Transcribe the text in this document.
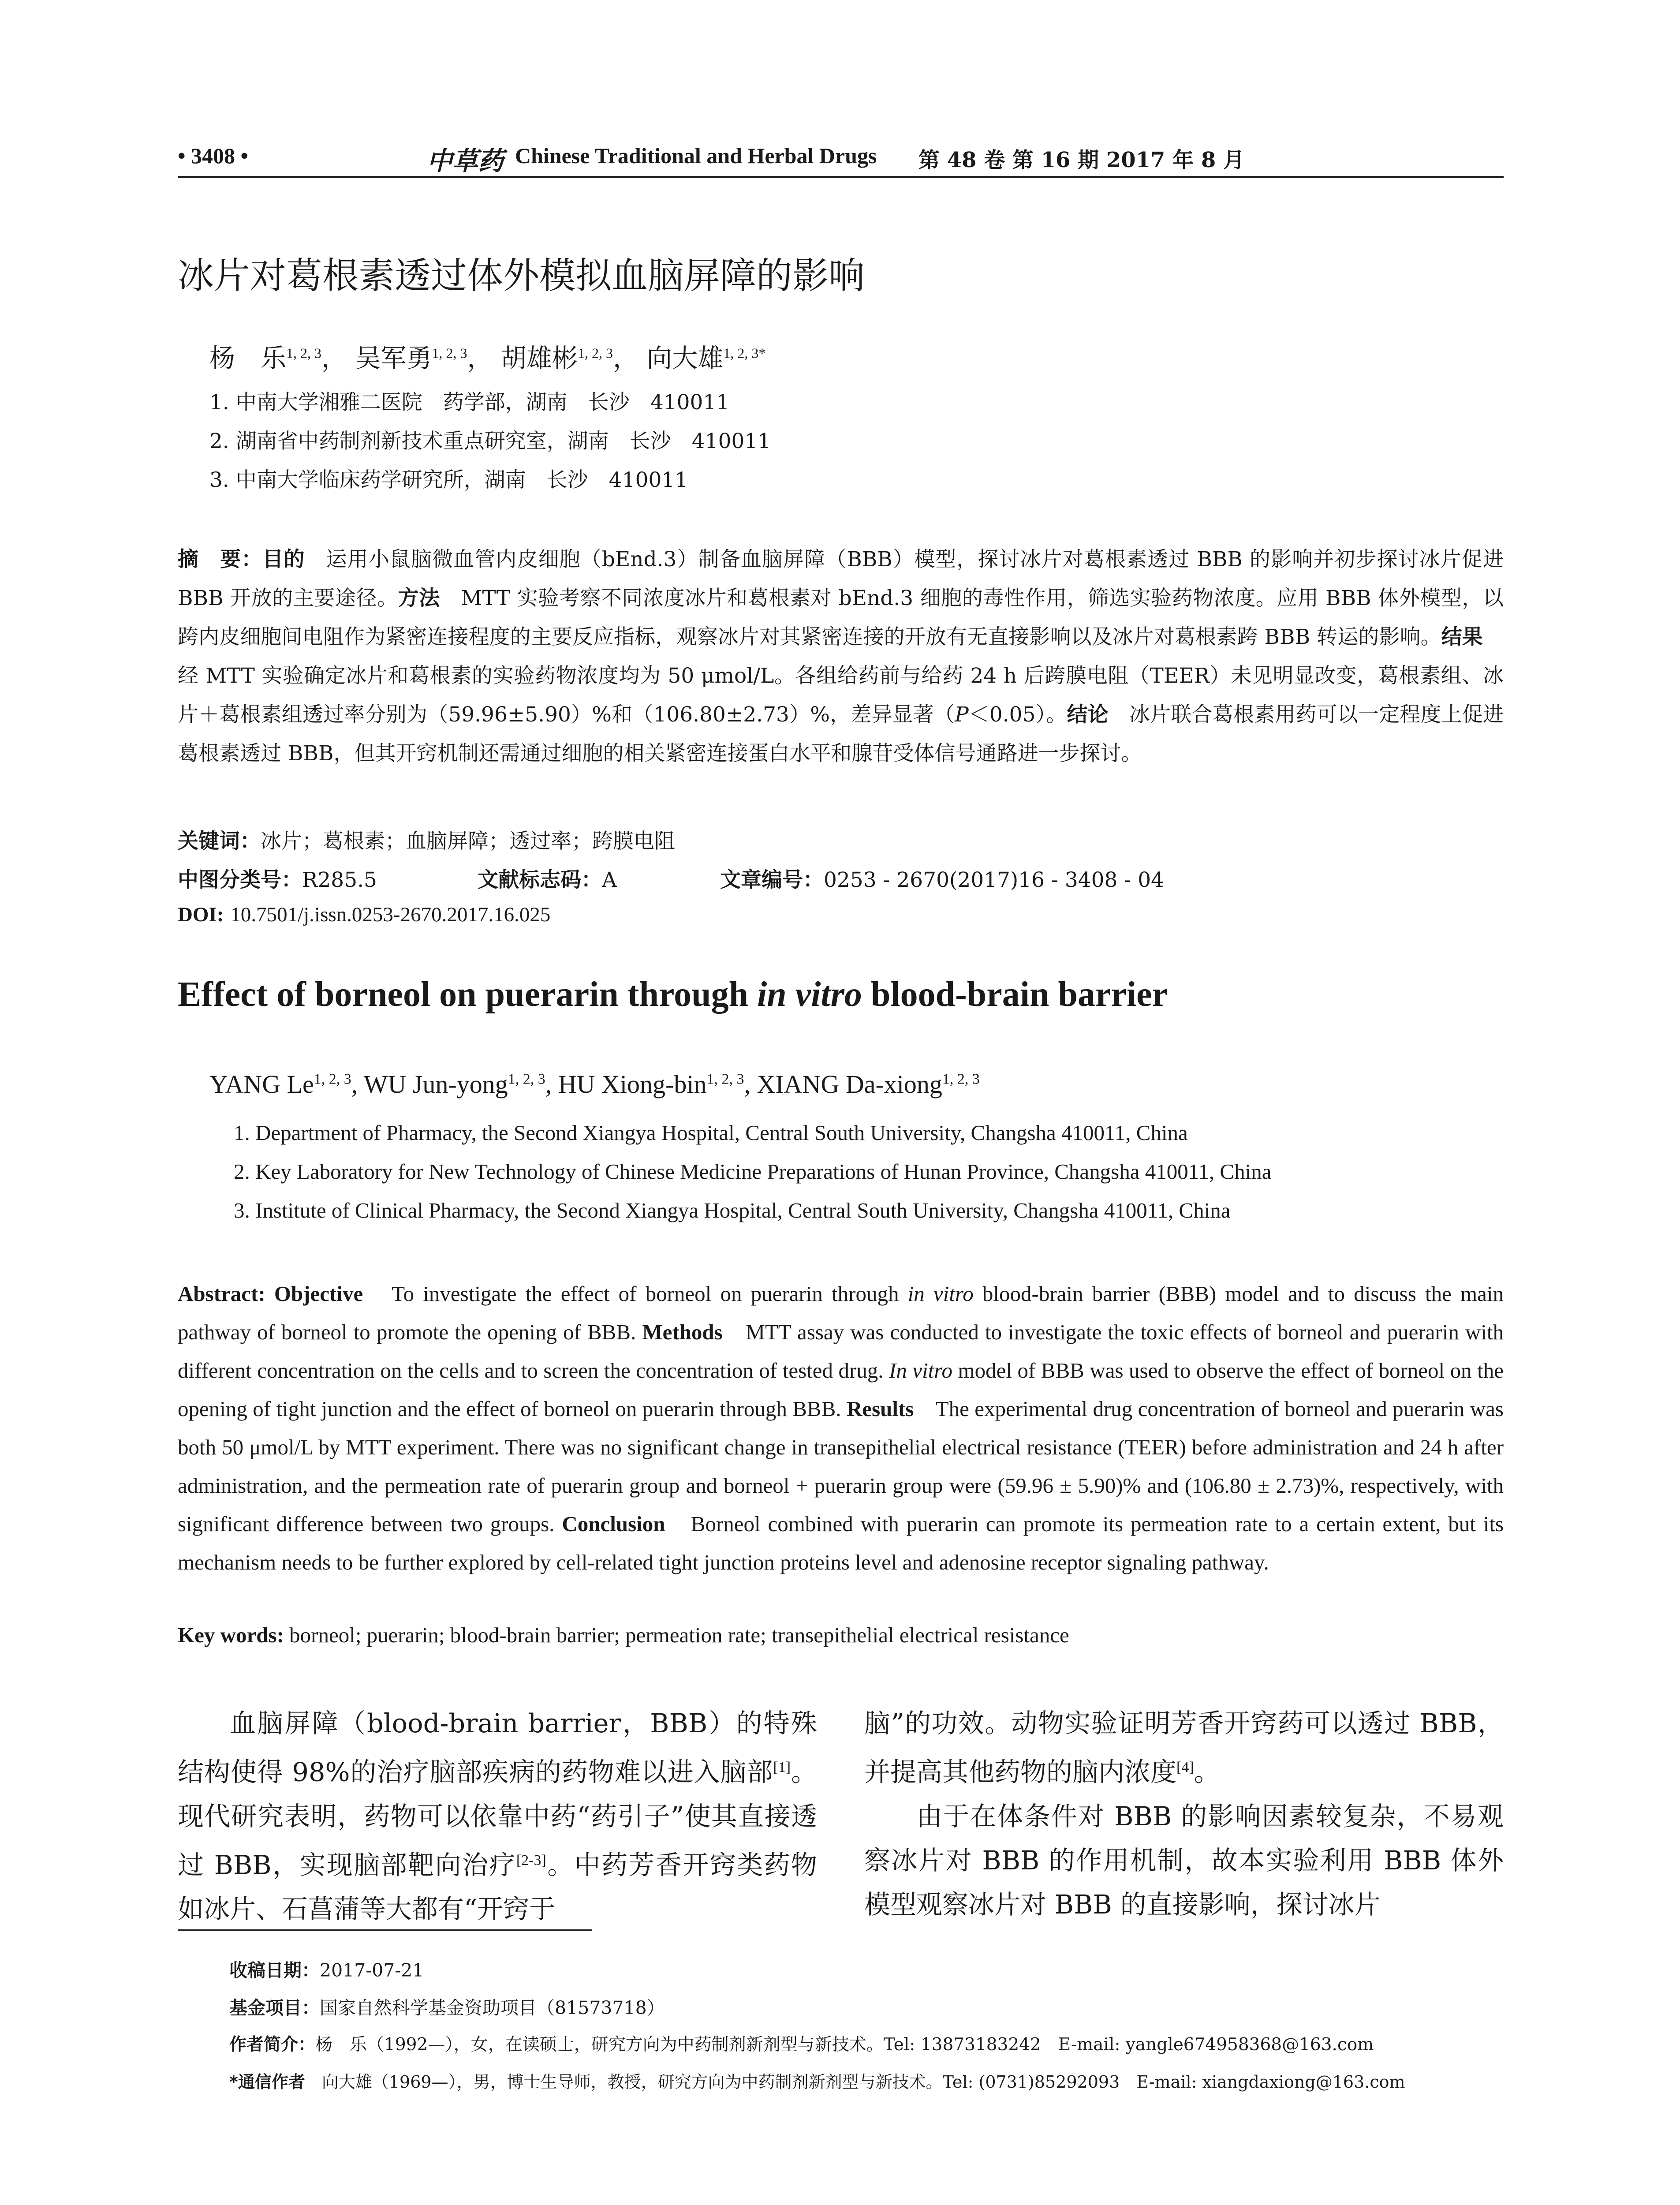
• 3408 •	中草药 Chinese Traditional and Herbal Drugs 第 48 卷 第 16 期 2017 年 8 月
冰片对葛根素透过体外模拟血脑屏障的影响
杨　乐$^{1, 2, 3}$， 吴军勇$^{1, 2, 3}$， 胡雄彬$^{1, 2, 3}$， 向大雄$^{1, 2, 3*}$
1. 中南大学湘雅二医院　药学部，湖南　长沙　410011
2. 湖南省中药制剂新技术重点研究室，湖南　长沙　410011
3. 中南大学临床药学研究所，湖南　长沙　410011
摘　要：目的　运用小鼠脑微血管内皮细胞（bEnd.3）制备血脑屏障（BBB）模型，探讨冰片对葛根素透过 BBB 的影响并初步探讨冰片促进 BBB 开放的主要途径。方法　MTT 实验考察不同浓度冰片和葛根素对 bEnd.3 细胞的毒性作用，筛选实验药物浓度。应用 BBB 体外模型，以跨内皮细胞间电阻作为紧密连接程度的主要反应指标，观察冰片对其紧密连接的开放有无直接影响以及冰片对葛根素跨 BBB 转运的影响。结果　经 MTT 实验确定冰片和葛根素的实验药物浓度均为 50 μmol/L。各组给药前与给药 24 h 后跨膜电阻（TEER）未见明显改变，葛根素组、冰片＋葛根素组透过率分别为（59.96±5.90）%和（106.80±2.73）%，差异显著（P＜0.05）。结论　冰片联合葛根素用药可以一定程度上促进葛根素透过 BBB，但其开窍机制还需通过细胞的相关紧密连接蛋白水平和腺苷受体信号通路进一步探讨。
关键词：冰片；葛根素；血脑屏障；透过率；跨膜电阻
中图分类号：R285.5	文献标志码：A	文章编号：0253 - 2670(2017)16 - 3408 - 04
DOI: 10.7501/j.issn.0253-2670.2017.16.025
Effect of borneol on puerarin through in vitro blood-brain barrier
YANG Le$^{1, 2, 3}$, WU Jun-yong$^{1, 2, 3}$, HU Xiong-bin$^{1, 2, 3}$, XIANG Da-xiong$^{1, 2, 3}$
1. Department of Pharmacy, the Second Xiangya Hospital, Central South University, Changsha 410011, China
2. Key Laboratory for New Technology of Chinese Medicine Preparations of Hunan Province, Changsha 410011, China
3. Institute of Clinical Pharmacy, the Second Xiangya Hospital, Central South University, Changsha 410011, China
Abstract: Objective　To investigate the effect of borneol on puerarin through in vitro blood-brain barrier (BBB) model and to discuss the main pathway of borneol to promote the opening of BBB. Methods　MTT assay was conducted to investigate the toxic effects of borneol and puerarin with different concentration on the cells and to screen the concentration of tested drug. In vitro model of BBB was used to observe the effect of borneol on the opening of tight junction and the effect of borneol on puerarin through BBB. Results　The experimental drug concentration of borneol and puerarin was both 50 μmol/L by MTT experiment. There was no significant change in transepithelial electrical resistance (TEER) before administration and 24 h after administration, and the permeation rate of puerarin group and borneol + puerarin group were (59.96 ± 5.90)% and (106.80 ± 2.73)%, respectively, with significant difference between two groups. Conclusion　Borneol combined with puerarin can promote its permeation rate to a certain extent, but its mechanism needs to be further explored by cell-related tight junction proteins level and adenosine receptor signaling pathway.
Key words: borneol; puerarin; blood-brain barrier; permeation rate; transepithelial electrical resistance

血脑屏障（blood-brain barrier，BBB）的特殊结构使得 98%的治疗脑部疾病的药物难以进入脑部[1]。现代研究表明，药物可以依靠中药“药引子”使其直接透过 BBB，实现脑部靶向治疗[2-3]。中药芳香开窍类药物如冰片、石菖蒲等大都有“开窍于

脑”的功效。动物实验证明芳香开窍药可以透过 BBB，并提高其他药物的脑内浓度[4]。

由于在体条件对 BBB 的影响因素较复杂，不易观察冰片对 BBB 的作用机制，故本实验利用 BBB 体外模型观察冰片对 BBB 的直接影响，探讨冰片

收稿日期：2017-07-21
基金项目：国家自然科学基金资助项目（81573718）
作者简介：杨　乐（1992—），女，在读硕士，研究方向为中药制剂新剂型与新技术。Tel: 13873183242　E-mail: yangle674958368@163.com
*通信作者　向大雄（1969—），男，博士生导师，教授，研究方向为中药制剂新剂型与新技术。Tel: (0731)85292093　E-mail: xiangdaxiong@163.com
